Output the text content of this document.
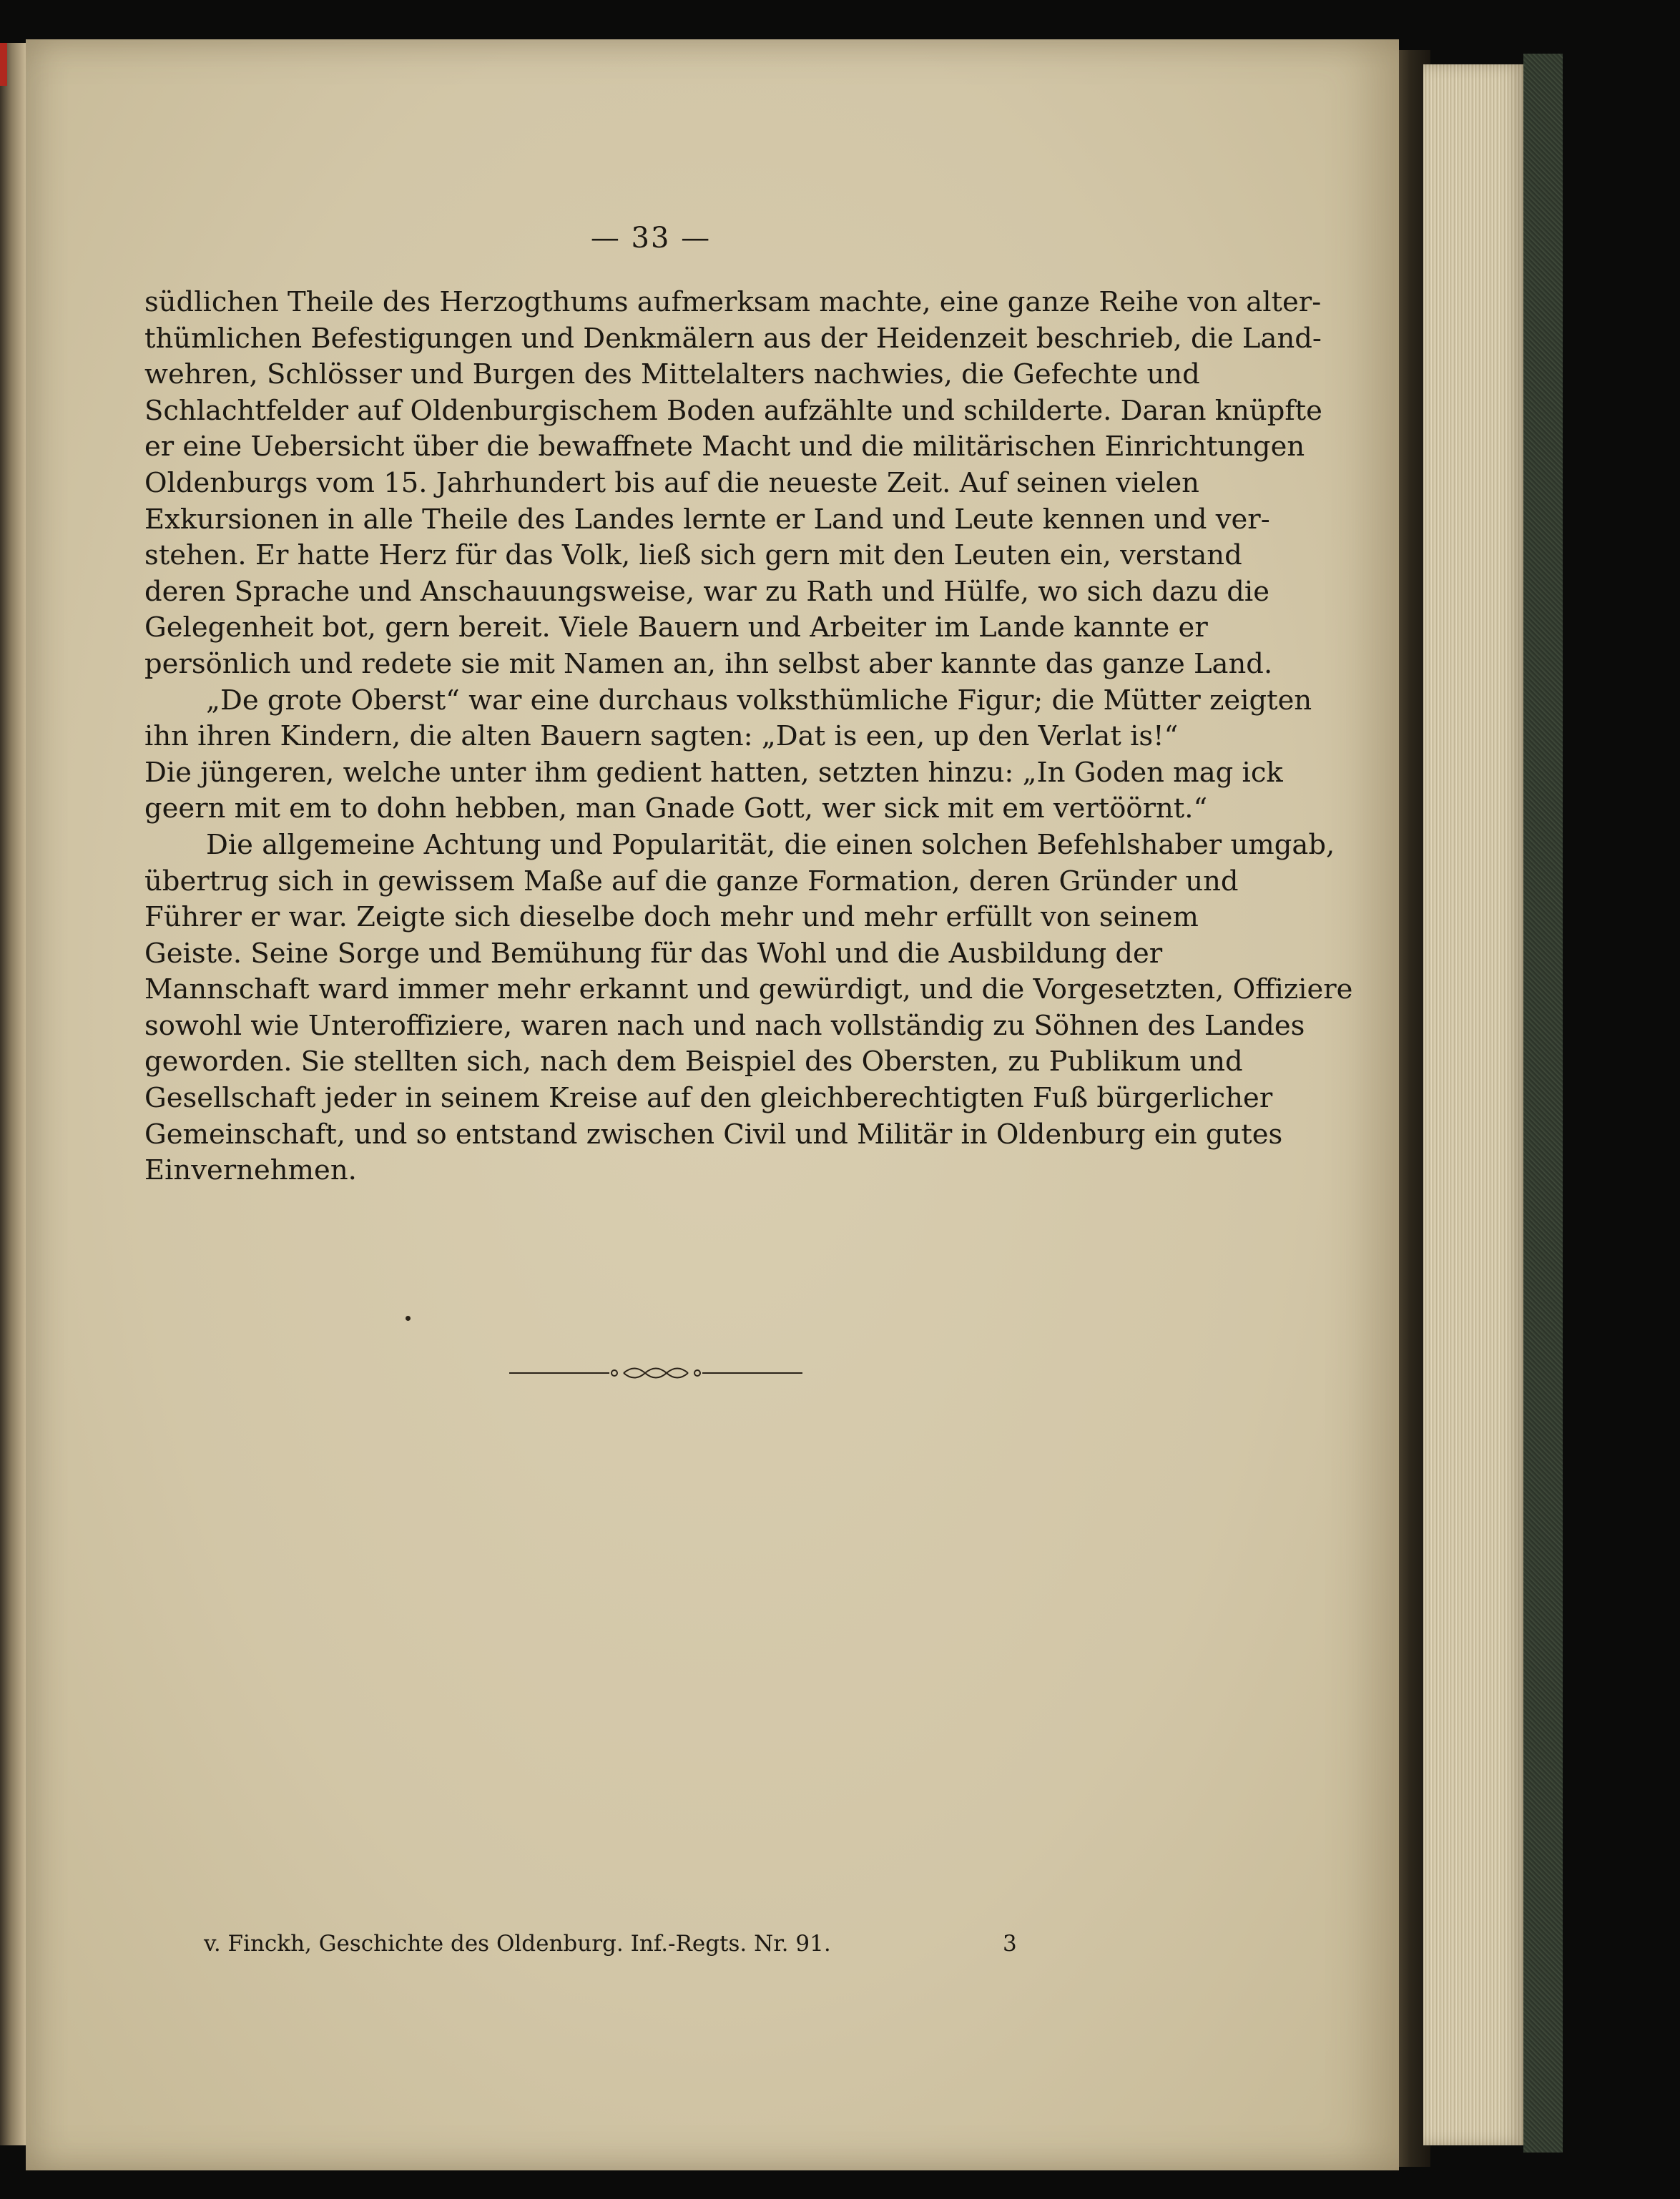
— 33 —
südlichen Theile des Herzogthums aufmerksam machte, eine ganze Reihe von alter-
thümlichen Befestigungen und Denkmälern aus der Heidenzeit beschrieb, die Land-
wehren, Schlösser und Burgen des Mittelalters nachwies, die Gefechte und
Schlachtfelder auf Oldenburgischem Boden aufzählte und schilderte. Daran knüpfte
er eine Uebersicht über die bewaffnete Macht und die militärischen Einrichtungen
Oldenburgs vom 15. Jahrhundert bis auf die neueste Zeit. Auf seinen vielen
Exkursionen in alle Theile des Landes lernte er Land und Leute kennen und ver-
stehen. Er hatte Herz für das Volk, ließ sich gern mit den Leuten ein, verstand
deren Sprache und Anschauungsweise, war zu Rath und Hülfe, wo sich dazu die
Gelegenheit bot, gern bereit. Viele Bauern und Arbeiter im Lande kannte er
persönlich und redete sie mit Namen an, ihn selbst aber kannte das ganze Land.
„De grote Oberst“ war eine durchaus volksthümliche Figur; die Mütter zeigten
ihn ihren Kindern, die alten Bauern sagten: „Dat is een, up den Verlat is!“
Die jüngeren, welche unter ihm gedient hatten, setzten hinzu: „In Goden mag ick
geern mit em to dohn hebben, man Gnade Gott, wer sick mit em vertöörnt.“
Die allgemeine Achtung und Popularität, die einen solchen Befehlshaber umgab,
übertrug sich in gewissem Maße auf die ganze Formation, deren Gründer und
Führer er war. Zeigte sich dieselbe doch mehr und mehr erfüllt von seinem
Geiste. Seine Sorge und Bemühung für das Wohl und die Ausbildung der
Mannschaft ward immer mehr erkannt und gewürdigt, und die Vorgesetzten, Offiziere
sowohl wie Unteroffiziere, waren nach und nach vollständig zu Söhnen des Landes
geworden. Sie stellten sich, nach dem Beispiel des Obersten, zu Publikum und
Gesellschaft jeder in seinem Kreise auf den gleichberechtigten Fuß bürgerlicher
Gemeinschaft, und so entstand zwischen Civil und Militär in Oldenburg ein gutes
Einvernehmen.
v. Finckh, Geschichte des Oldenburg. Inf.-Regts. Nr. 91.	3
